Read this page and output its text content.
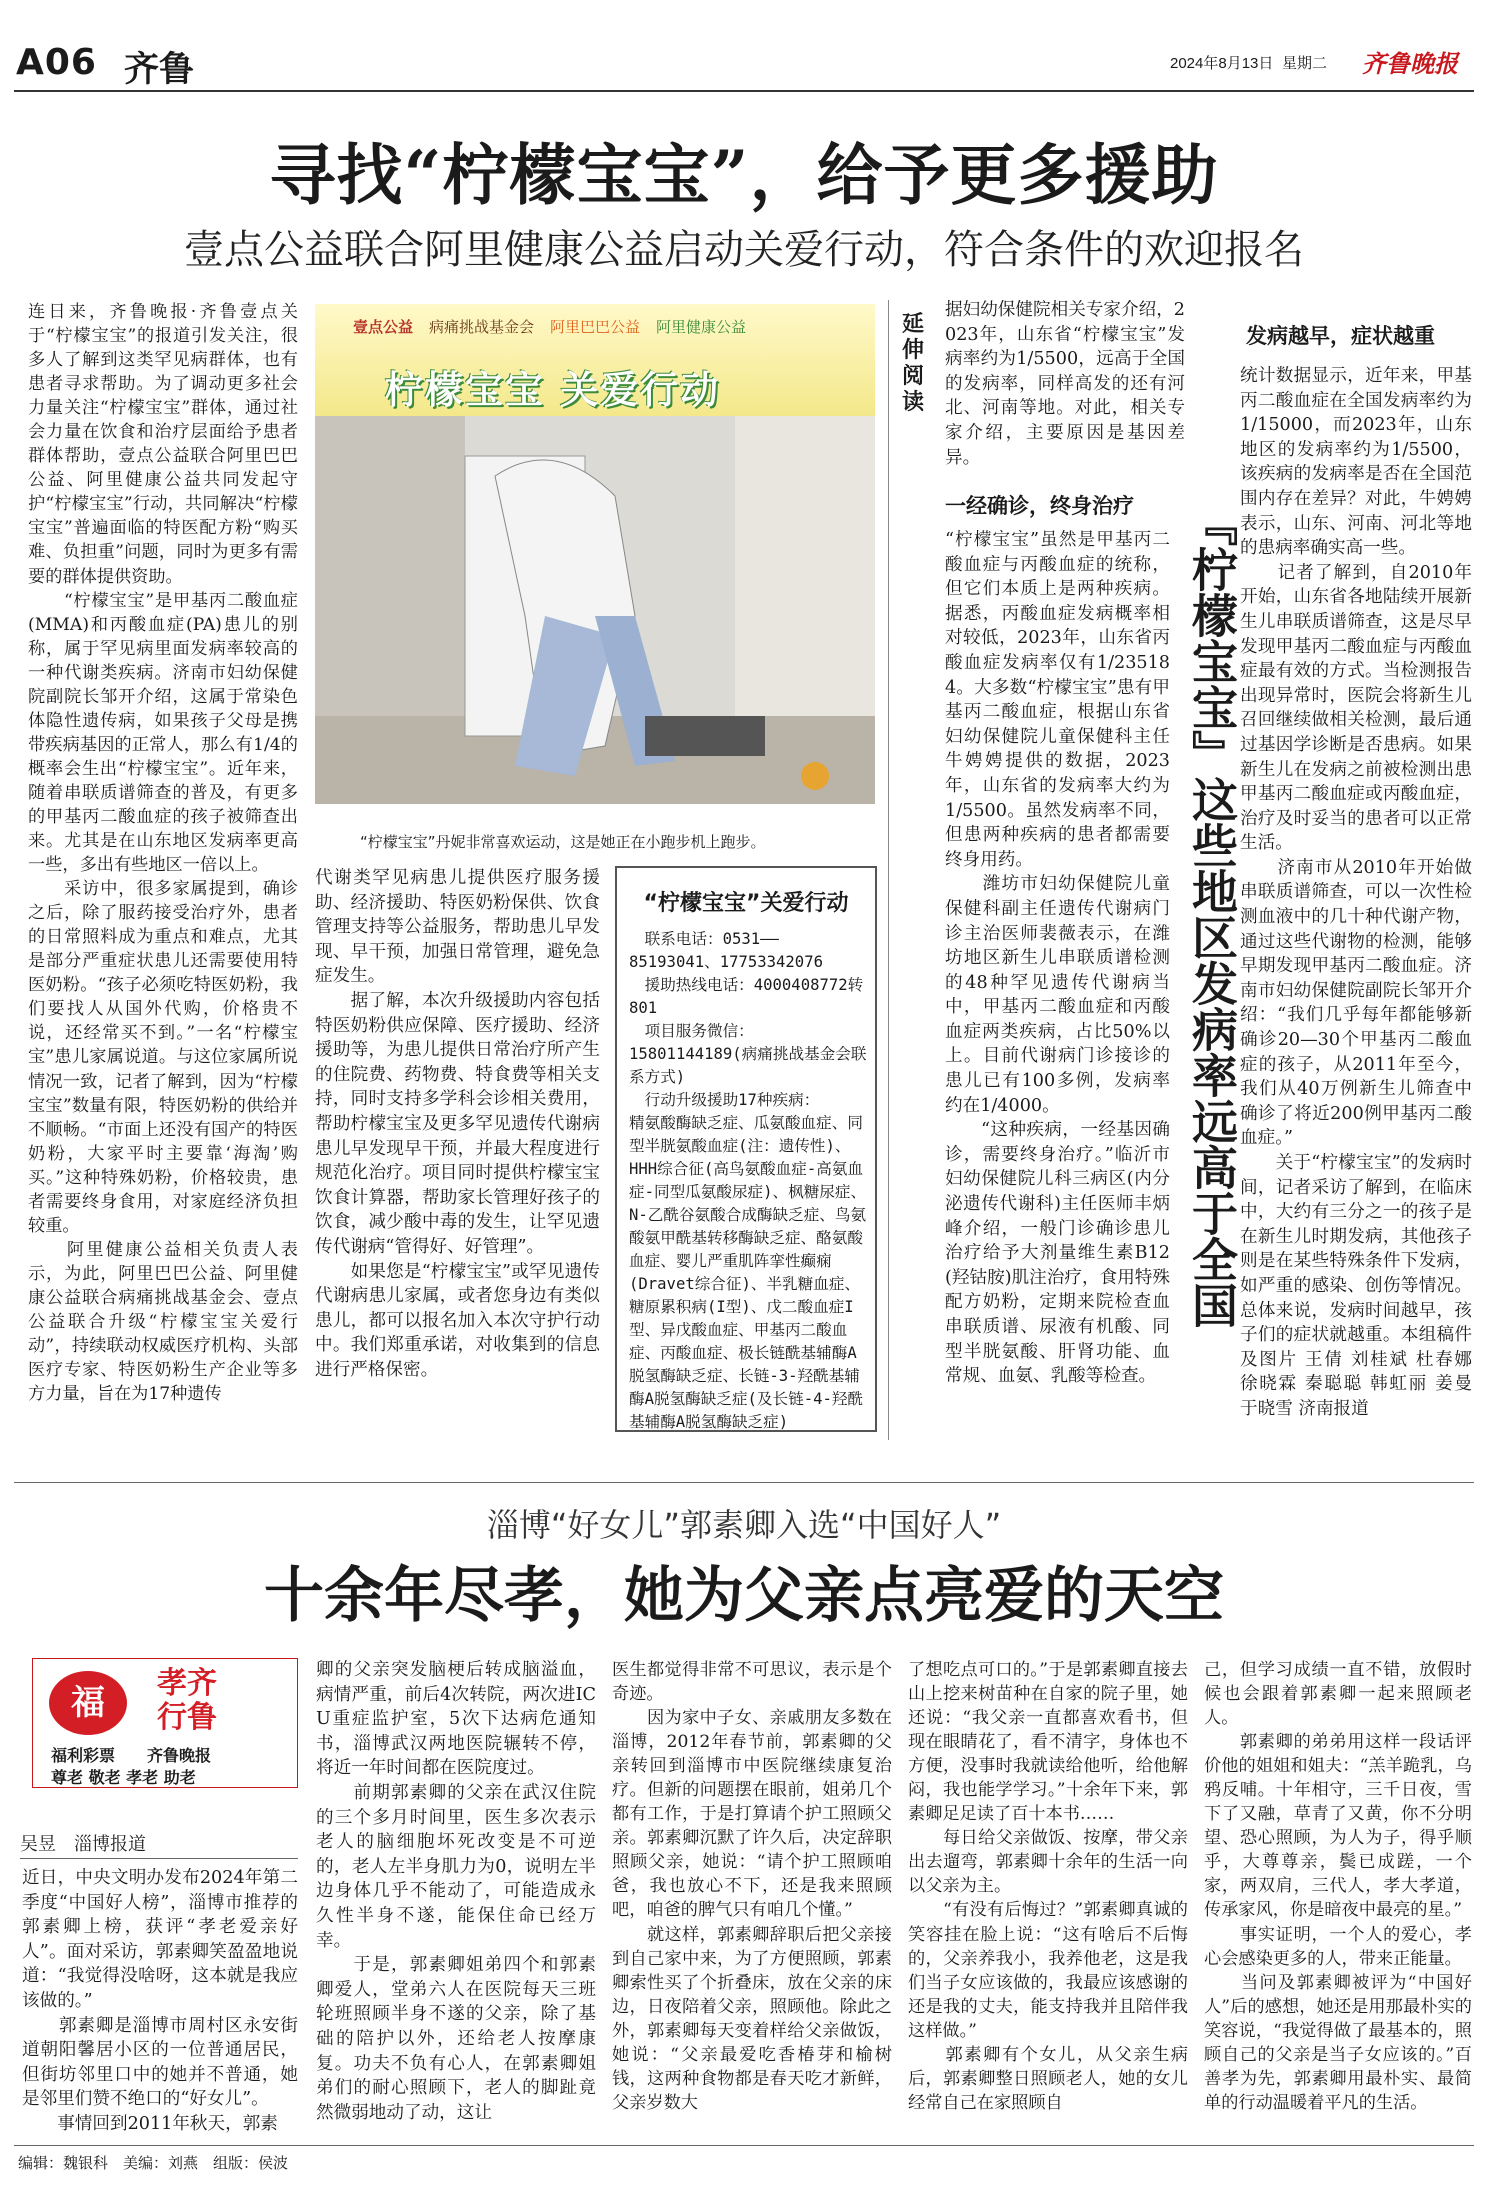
A06 齐鲁	2024年8月13日 星期二 齐鲁晚报
寻找“柠檬宝宝”，给予更多援助
壹点公益联合阿里健康公益启动关爱行动，符合条件的欢迎报名
连日来，齐鲁晚报·齐鲁壹点关于“柠檬宝宝”的报道引发关注，很多人了解到这类罕见病群体，也有患者寻求帮助。为了调动更多社会力量关注“柠檬宝宝”群体，通过社会力量在饮食和治疗层面给予患者群体帮助，壹点公益联合阿里巴巴公益、阿里健康公益共同发起守护“柠檬宝宝”行动，共同解决“柠檬宝宝”普遍面临的特医配方粉“购买难、负担重”问题，同时为更多有需要的群体提供资助。
　　“柠檬宝宝”是甲基丙二酸血症(MMA)和丙酸血症(PA)患儿的别称，属于罕见病里面发病率较高的一种代谢类疾病。济南市妇幼保健院副院长邹开介绍，这属于常染色体隐性遗传病，如果孩子父母是携带疾病基因的正常人，那么有1/4的概率会生出“柠檬宝宝”。近年来，随着串联质谱筛查的普及，有更多的甲基丙二酸血症的孩子被筛查出来。尤其是在山东地区发病率更高一些，多出有些地区一倍以上。
　　采访中，很多家属提到，确诊之后，除了服药接受治疗外，患者的日常照料成为重点和难点，尤其是部分严重症状患儿还需要使用特医奶粉。“孩子必须吃特医奶粉，我们要找人从国外代购，价格贵不说，还经常买不到。”一名“柠檬宝宝”患儿家属说道。与这位家属所说情况一致，记者了解到，因为“柠檬宝宝”数量有限，特医奶粉的供给并不顺畅。“市面上还没有国产的特医奶粉，大家平时主要靠‘海淘’购买。”这种特殊奶粉，价格较贵，患者需要终身食用，对家庭经济负担较重。
　　阿里健康公益相关负责人表示，为此，阿里巴巴公益、阿里健康公益联合病痛挑战基金会、壹点公益联合升级“柠檬宝宝关爱行动”，持续联动权威医疗机构、头部医疗专家、特医奶粉生产企业等多方力量，旨在为17种遗传
壹点公益 病痛挑战基金会 阿里巴巴公益 阿里健康公益
柠檬宝宝 关爱行动
“柠檬宝宝”丹妮非常喜欢运动，这是她正在小跑步机上跑步。
代谢类罕见病患儿提供医疗服务援助、经济援助、特医奶粉保供、饮食管理支持等公益服务，帮助患儿早发现、早干预，加强日常管理，避免急症发生。
　　据了解，本次升级援助内容包括特医奶粉供应保障、医疗援助、经济援助等，为患儿提供日常治疗所产生的住院费、药物费、特食费等相关支持，同时支持多学科会诊相关费用，帮助柠檬宝宝及更多罕见遗传代谢病患儿早发现早干预，并最大程度进行规范化治疗。项目同时提供柠檬宝宝饮食计算器，帮助家长管理好孩子的饮食，减少酸中毒的发生，让罕见遗传代谢病“管得好、好管理”。
　　如果您是“柠檬宝宝”或罕见遗传代谢病患儿家属，或者您身边有类似患儿，都可以报名加入本次守护行动中。我们郑重承诺，对收集到的信息进行严格保密。
“柠檬宝宝”关爱行动
　联系电话：0531——85193041、17753342076
　援助热线电话：4000408772转801
　项目服务微信：15801144189(病痛挑战基金会联系方式)
　行动升级援助17种疾病：
精氨酸酶缺乏症、瓜氨酸血症、同型半胱氨酸血症(注：遗传性)、HHH综合征(高鸟氨酸血症-高氨血症-同型瓜氨酸尿症)、枫糖尿症、N-乙酰谷氨酸合成酶缺乏症、鸟氨酸氨甲酰基转移酶缺乏症、酪氨酸血症、婴儿严重肌阵挛性癫痫(Dravet综合征)、半乳糖血症、糖原累积病(I型)、戊二酸血症I型、异戊酸血症、甲基丙二酸血症、丙酸血症、极长链酰基辅酶A脱氢酶缺乏症、长链-3-羟酰基辅酶A脱氢酶缺乏症(及长链-4-羟酰基辅酶A脱氢酶缺乏症)
延伸阅读
据妇幼保健院相关专家介绍，2023年，山东省“柠檬宝宝”发病率约为1/5500，远高于全国的发病率，同样高发的还有河北、河南等地。对此，相关专家介绍，主要原因是基因差异。
一经确诊，终身治疗
“柠檬宝宝”虽然是甲基丙二酸血症与丙酸血症的统称，但它们本质上是两种疾病。据悉，丙酸血症发病概率相对较低，2023年，山东省丙酸血症发病率仅有1/235184。大多数“柠檬宝宝”患有甲基丙二酸血症，根据山东省妇幼保健院儿童保健科主任牛娉娉提供的数据，2023年，山东省的发病率大约为1/5500。虽然发病率不同，但患两种疾病的患者都需要终身用药。
　　潍坊市妇幼保健院儿童保健科副主任遗传代谢病门诊主治医师裴薇表示，在潍坊地区新生儿串联质谱检测的48种罕见遗传代谢病当中，甲基丙二酸血症和丙酸血症两类疾病，占比50%以上。目前代谢病门诊接诊的患儿已有100多例，发病率约在1/4000。
　　“这种疾病，一经基因确诊，需要终身治疗。”临沂市妇幼保健院儿科三病区(内分泌遗传代谢科)主任医师丰炳峰介绍，一般门诊确诊患儿治疗给予大剂量维生素B12(羟钴胺)肌注治疗，食用特殊配方奶粉，定期来院检查血串联质谱、尿液有机酸、同型半胱氨酸、肝肾功能、血常规、血氨、乳酸等检查。
『柠檬宝宝』这些地区发病率远高于全国
发病越早，症状越重
统计数据显示，近年来，甲基丙二酸血症在全国发病率约为1/15000，而2023年，山东地区的发病率约为1/5500，该疾病的发病率是否在全国范围内存在差异？对此，牛娉娉表示，山东、河南、河北等地的患病率确实高一些。
　　记者了解到，自2010年开始，山东省各地陆续开展新生儿串联质谱筛查，这是尽早发现甲基丙二酸血症与丙酸血症最有效的方式。当检测报告出现异常时，医院会将新生儿召回继续做相关检测，最后通过基因学诊断是否患病。如果新生儿在发病之前被检测出患甲基丙二酸血症或丙酸血症，治疗及时妥当的患者可以正常生活。
　　济南市从2010年开始做串联质谱筛查，可以一次性检测血液中的几十种代谢产物，通过这些代谢物的检测，能够早期发现甲基丙二酸血症。济南市妇幼保健院副院长邹开介绍：“我们几乎每年都能够新确诊20—30个甲基丙二酸血症的孩子，从2011年至今，我们从40万例新生儿筛查中确诊了将近200例甲基丙二酸血症。”
　　关于“柠檬宝宝”的发病时间，记者采访了解到，在临床中，大约有三分之一的孩子是在新生儿时期发病，其他孩子则是在某些特殊条件下发病，如严重的感染、创伤等情况。总体来说，发病时间越早，孩子们的症状就越重。本组稿件及图片 王倩 刘桂斌 杜春娜 徐晓霖 秦聪聪 韩虹丽 姜曼 于晓雪 济南报道
淄博“好女儿”郭素卿入选“中国好人”
十余年尽孝，她为父亲点亮爱的天空
福	孝齐
行鲁
福利彩票　　齐鲁晚报
尊老 敬老 孝老 助老
吴昱　淄博报道
近日，中央文明办发布2024年第二季度“中国好人榜”，淄博市推荐的郭素卿上榜，获评“孝老爱亲好人”。面对采访，郭素卿笑盈盈地说道：“我觉得没啥呀，这本就是我应该做的。”
　　郭素卿是淄博市周村区永安街道朝阳馨居小区的一位普通居民，但街坊邻里口中的她并不普通，她是邻里们赞不绝口的“好女儿”。
　　事情回到2011年秋天，郭素
卿的父亲突发脑梗后转成脑溢血，病情严重，前后4次转院，两次进ICU重症监护室，5次下达病危通知书，淄博武汉两地医院辗转不停，将近一年时间都在医院度过。
　　前期郭素卿的父亲在武汉住院的三个多月时间里，医生多次表示老人的脑细胞坏死改变是不可逆的，老人左半身肌力为0，说明左半边身体几乎不能动了，可能造成永久性半身不遂，能保住命已经万幸。
　　于是，郭素卿姐弟四个和郭素卿爱人，堂弟六人在医院每天三班轮班照顾半身不遂的父亲，除了基础的陪护以外，还给老人按摩康复。功夫不负有心人，在郭素卿姐弟们的耐心照顾下，老人的脚趾竟然微弱地动了动，这让
医生都觉得非常不可思议，表示是个奇迹。
　　因为家中子女、亲戚朋友多数在淄博，2012年春节前，郭素卿的父亲转回到淄博市中医院继续康复治疗。但新的问题摆在眼前，姐弟几个都有工作，于是打算请个护工照顾父亲。郭素卿沉默了许久后，决定辞职照顾父亲，她说：“请个护工照顾咱爸，我也放心不下，还是我来照顾吧，咱爸的脾气只有咱几个懂。”
　　就这样，郭素卿辞职后把父亲接到自己家中来，为了方便照顾，郭素卿索性买了个折叠床，放在父亲的床边，日夜陪着父亲，照顾他。除此之外，郭素卿每天变着样给父亲做饭，她说：“父亲最爱吃香椿芽和榆树钱，这两种食物都是春天吃才新鲜，父亲岁数大
了想吃点可口的。”于是郭素卿直接去山上挖来树苗种在自家的院子里，她还说：“我父亲一直都喜欢看书，但现在眼睛花了，看不清字，身体也不方便，没事时我就读给他听，给他解闷，我也能学学习。”十余年下来，郭素卿足足读了百十本书……
　　每日给父亲做饭、按摩，带父亲出去遛弯，郭素卿十余年的生活一向以父亲为主。
　　“有没有后悔过？”郭素卿真诚的笑容挂在脸上说：“这有啥后不后悔的，父亲养我小，我养他老，这是我们当子女应该做的，我最应该感谢的还是我的丈夫，能支持我并且陪伴我这样做。”
　　郭素卿有个女儿，从父亲生病后，郭素卿整日照顾老人，她的女儿经常自己在家照顾自
己，但学习成绩一直不错，放假时候也会跟着郭素卿一起来照顾老人。
　　郭素卿的弟弟用这样一段话评价他的姐姐和姐夫：“羔羊跪乳，乌鸦反哺。十年相守，三千日夜，雪下了又融，草青了又黄，你不分明望、恐心照顾，为人为子，得乎顺乎，大尊尊亲，鬓已成蹉，一个家，两双肩，三代人，孝大孝道，传承家风，你是暗夜中最亮的星。”
　　事实证明，一个人的爱心，孝心会感染更多的人，带来正能量。
　　当问及郭素卿被评为“中国好人”后的感想，她还是用那最朴实的笑容说，“我觉得做了最基本的，照顾自己的父亲是当子女应该的。”百善孝为先，郭素卿用最朴实、最简单的行动温暖着平凡的生活。
编辑：魏银科　美编：刘燕　组版：侯波
